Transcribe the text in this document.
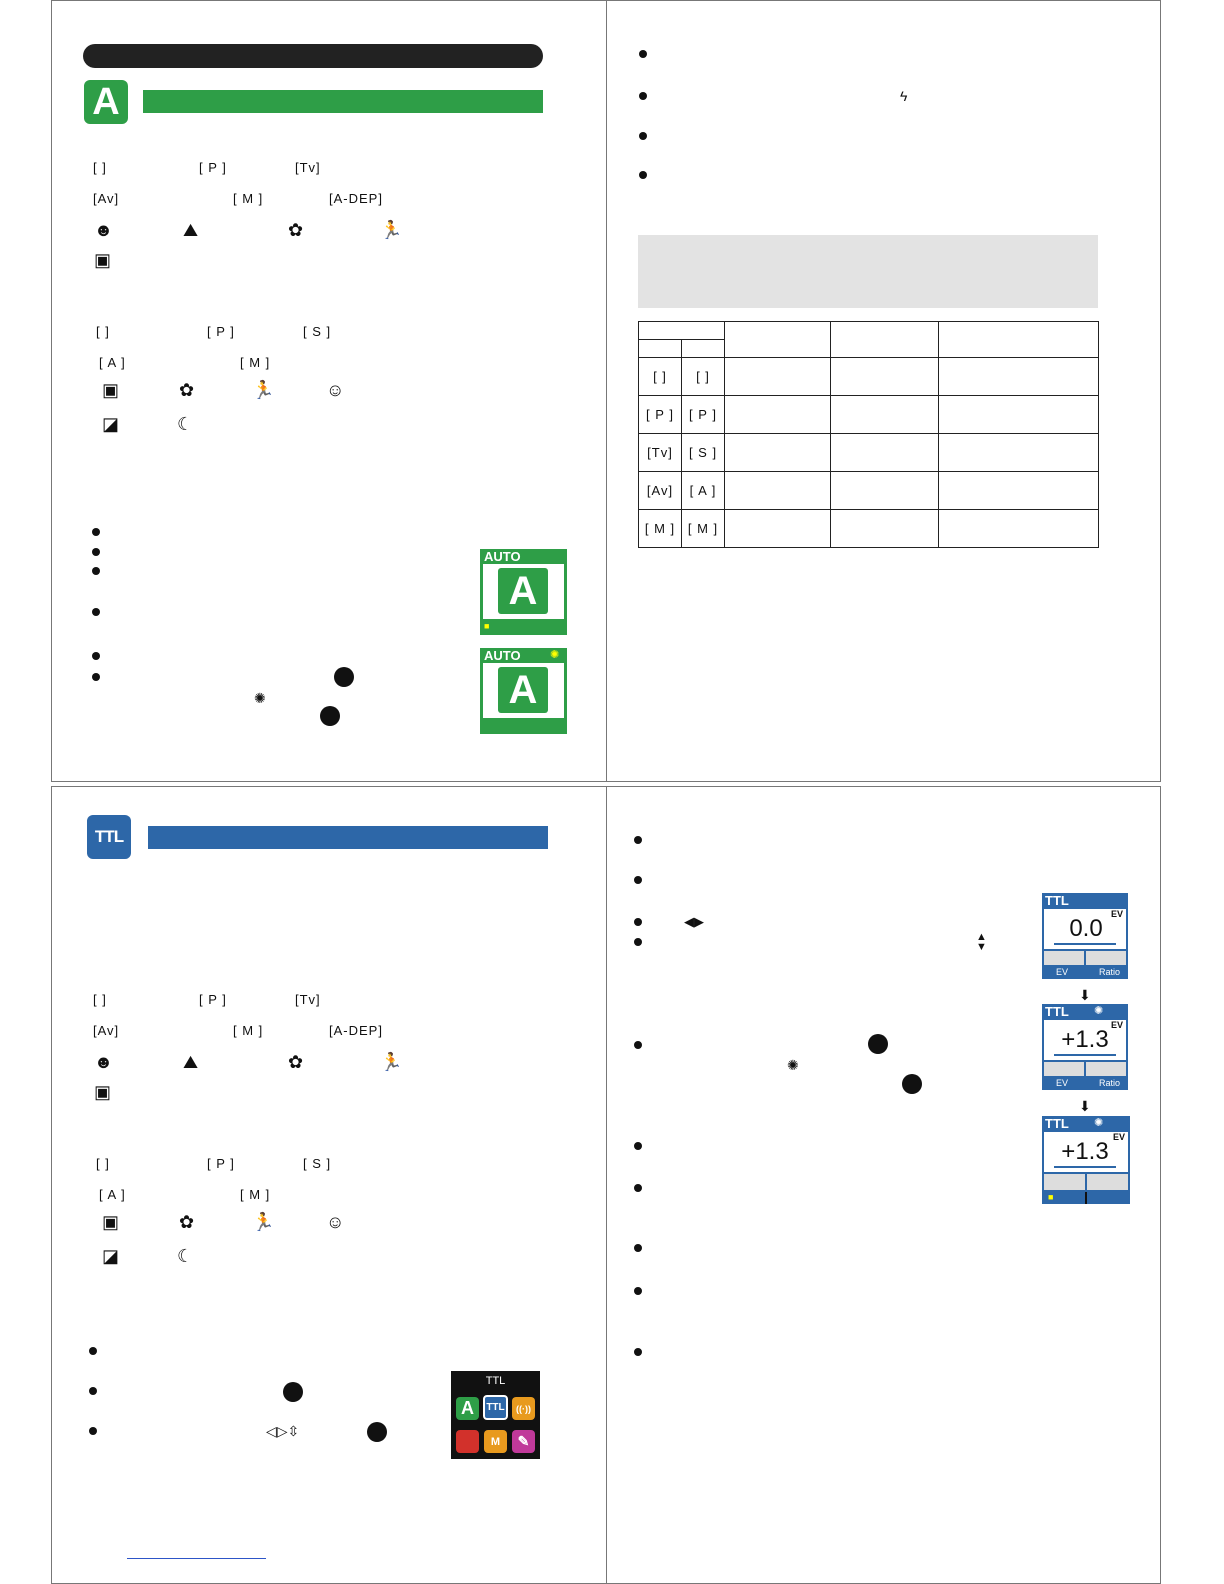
A
[ ]	[ P ]	[Tv]
[Av]	[ M ]	[A-DEP]
☻	⛰	✿	🏃
▣
[ ]	[ P ]	[ S ]
[ A ]	[ M ]
▣	✿	🏃	☺
◪	☾
✺
AUTO
A
■
AUTO	✺
A
ϟ

[ ]	[ ]			
[ P ]	[ P ]			
[Tv]	[ S ]			
[Av]	[ A ]			
[ M ]	[ M ]			
TTL
[ ]	[ P ]	[Tv]
[Av]	[ M ]	[A-DEP]
☻	⛰	✿	🏃
▣
[ ]	[ P ]	[ S ]
[ A ]	[ M ]
▣	✿	🏃	☺
◪	☾
◁▷⇳
TTL
A	TTL	((·))
M	✎
◀▶
▲
▼
✺
TTL
EV
0.0
EV	Ratio
⬇
TTL ✺
EV
+1.3
EV	Ratio
⬇
TTL ✺
EV
+1.3
■
